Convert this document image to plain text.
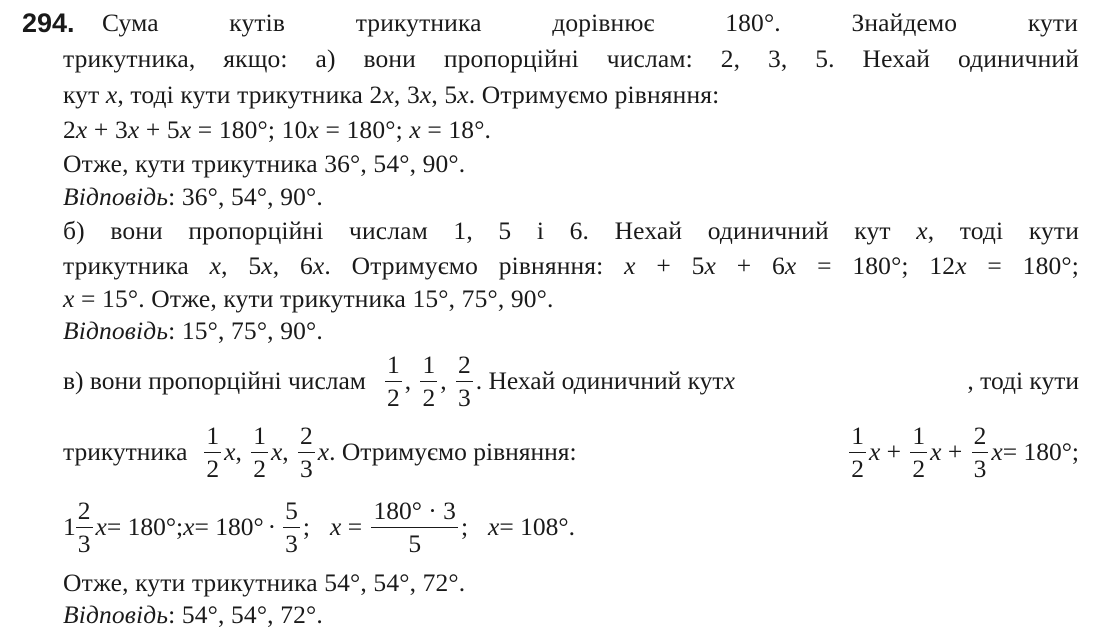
294. Сума кутів трикутника дорівнює 180°. Знайдемо кути
трикутника, якщо: а) вони пропорційні числам: 2, 3, 5. Нехай одиничний
кут x, тоді кути трикутника 2x, 3x, 5x. Отримуємо рівняння:
2x + 3x + 5x = 180°; 10x = 180°; x = 18°.
Отже, кути трикутника 36°, 54°, 90°.
Відповідь: 36°, 54°, 90°.
б) вони пропорційні числам 1, 5 і 6. Нехай одиничний кут x, тоді кути
трикутника x, 5x, 6x. Отримуємо рівняння: x + 5x + 6x = 180°; 12x = 180°;
x = 15°. Отже, кути трикутника 15°, 75°, 90°.
Відповідь: 15°, 75°, 90°.
в) вони пропорційні числам $\frac{1}{2}$ , $\frac{1}{2}$ , $\frac{2}{3}$ . Нехай одиничний кут x	, тоді кути
трикутника $\frac{1}{2}$ x , $\frac{1}{2}$ x , $\frac{2}{3}$ x . Отримуємо рівняння:	$\frac{1}{2}$ x
+
$\frac{1}{2}$ x
+
$\frac{2}{3}$ x = 180°;
$1 \frac{2}{3}$ x = 180°; $x = 180^\circ \cdot \frac{5}{3}$ ; x
=
$\frac{180^\circ \cdot 3}{5}$ ; x = 108°.
Отже, кути трикутника 54°, 54°, 72°.
Відповідь: 54°, 54°, 72°.
